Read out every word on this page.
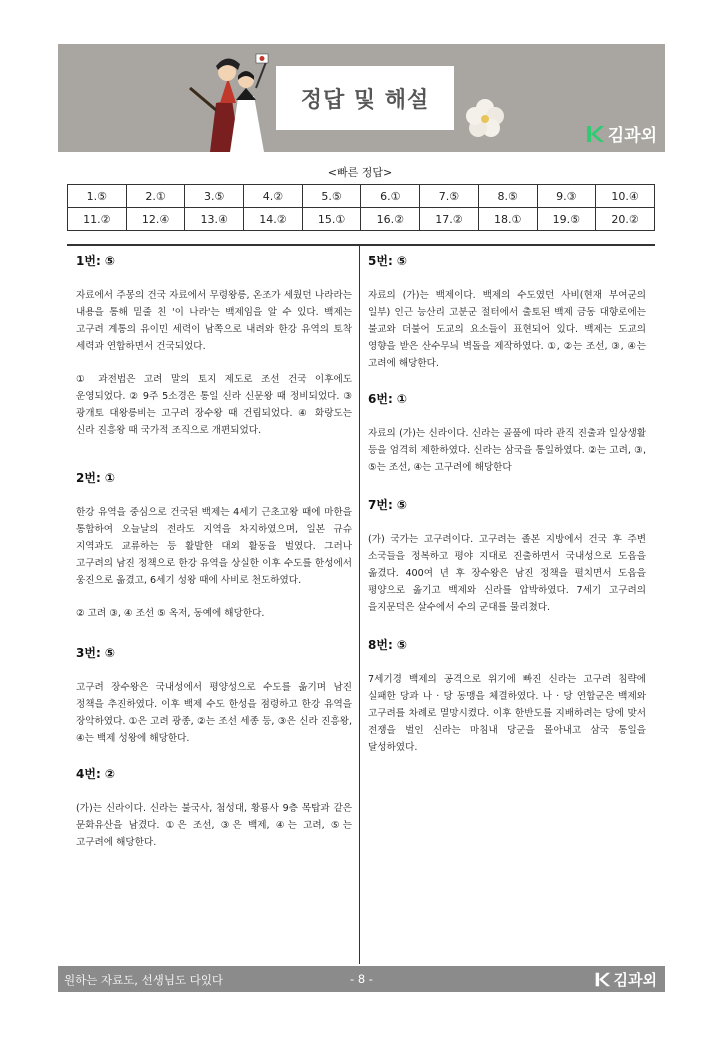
정답 및 해설
김과외
<빠른 정답>
1.⑤	2.①	3.⑤	4.②	5.⑤	6.①	7.⑤	8.⑤	9.③	10.④
11.②	12.④	13.④	14.②	15.①	16.②	17.②	18.①	19.⑤	20.②
1번: ⑤
자료에서 주몽의 건국 자료에서 무령왕릉, 온조가 세웠던 나라라는 내용을 통해 밑줄 친 '이 나라'는 백제임을 알 수 있다. 백제는 고구려 계통의 유이민 세력이 남쪽으로 내려와 한강 유역의 토착 세력과 연합하면서 건국되었다.
① 과전법은 고려 말의 토지 제도로 조선 건국 이후에도 운영되었다. ② 9주 5소경은 통일 신라 신문왕 때 정비되었다. ③ 광개토 대왕릉비는 고구려 장수왕 때 건립되었다. ④ 화랑도는 신라 진흥왕 때 국가적 조직으로 개편되었다.
2번: ①
한강 유역을 중심으로 건국된 백제는 4세기 근초고왕 때에 마한을 통합하여 오늘날의 전라도 지역을 차지하였으며, 일본 규슈 지역과도 교류하는 등 활발한 대외 활동을 벌였다. 그러나 고구려의 남진 정책으로 한강 유역을 상실한 이후 수도를 한성에서 웅진으로 옮겼고, 6세기 성왕 때에 사비로 천도하였다.
② 고려 ③, ④ 조선 ⑤ 옥저, 동예에 해당한다.
3번: ⑤
고구려 장수왕은 국내성에서 평양성으로 수도를 옮기며 남진 정책을 추진하였다. 이후 백제 수도 한성을 점령하고 한강 유역을 장악하였다. ①은 고려 광종, ②는 조선 세종 등, ③은 신라 진흥왕, ④는 백제 성왕에 해당한다.
4번: ②
(가)는 신라이다. 신라는 불국사, 첨성대, 황룡사 9층 목탑과 같은 문화유산을 남겼다. ①은 조선, ③은 백제, ④는 고려, ⑤는 고구려에 해당한다.
5번: ⑤
자료의 (가)는 백제이다. 백제의 수도였던 사비(현재 부여군의 일부) 인근 능산리 고분군 절터에서 출토된 백제 금동 대향로에는 불교와 더불어 도교의 요소들이 표현되어 있다. 백제는 도교의 영향을 받은 산수무늬 벽돌을 제작하였다. ①, ②는 조선, ③, ④는 고려에 해당한다.
6번: ①
자료의 (가)는 신라이다. 신라는 골품에 따라 관직 진출과 일상생활 등을 엄격히 제한하였다. 신라는 삼국을 통일하였다. ②는 고려, ③, ⑤는 조선, ④는 고구려에 해당한다
7번: ⑤
(가) 국가는 고구려이다. 고구려는 졸본 지방에서 건국 후 주변 소국들을 정복하고 평야 지대로 진출하면서 국내성으로 도읍을 옮겼다. 400여 년 후 장수왕은 남진 정책을 펼치면서 도읍을 평양으로 옮기고 백제와 신라를 압박하였다. 7세기 고구려의 을지문덕은 살수에서 수의 군대를 물리쳤다.
8번: ⑤
7세기경 백제의 공격으로 위기에 빠진 신라는 고구려 침략에 실패한 당과 나 · 당 동맹을 체결하였다. 나 · 당 연합군은 백제와 고구려를 차례로 멸망시켰다. 이후 한반도를 지배하려는 당에 맞서 전쟁을 벌인 신라는 마침내 당군을 몰아내고 삼국 통일을 달성하였다.
원하는 자료도, 선생님도 다있다	- 8 -	김과외
